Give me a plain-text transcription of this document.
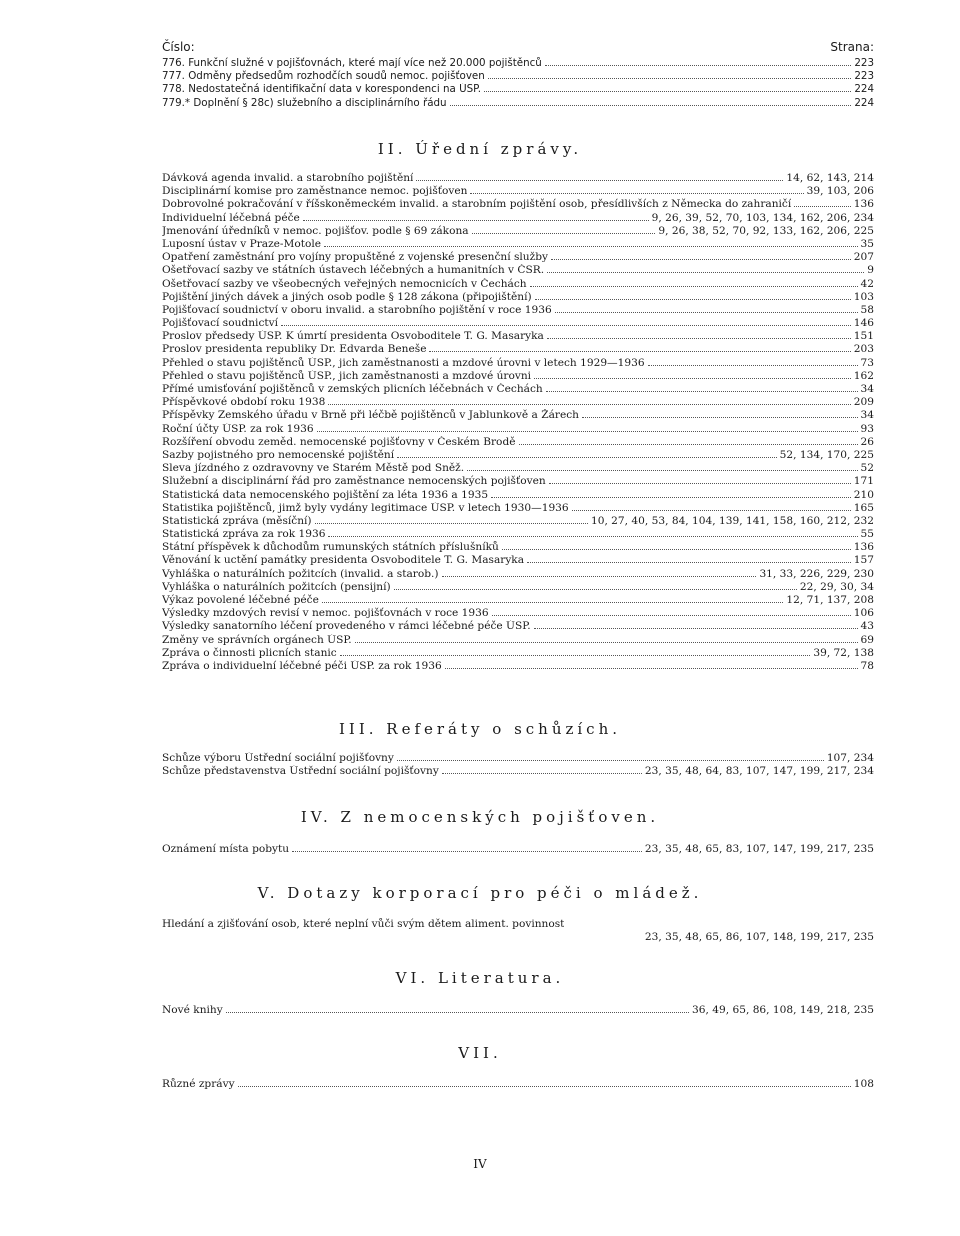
Číslo:	Strana:
776. Funkční služné v pojišťovnách, které mají více než 20.000 pojištěnců	223
777. Odměny předsedům rozhodčích soudů nemoc. pojišťoven	223
778. Nedostatečná identifikační data v korespondenci na ÚSP.	224
779.* Doplnění § 28c) služebního a disciplinárního řádu	224
II. Úřední zprávy.
Dávková agenda invalid. a starobního pojištění	14, 62, 143, 214
Disciplinární komise pro zaměstnance nemoc. pojišťoven	39, 103, 206
Dobrovolné pokračování v říšskoněmeckém invalid. a starobním pojištění osob, přesídlivších z Německa do zahraničí	136
Individuelní léčebná péče	9, 26, 39, 52, 70, 103, 134, 162, 206, 234
Jmenování úředníků v nemoc. pojišťov. podle § 69 zákona	9, 26, 38, 52, 70, 92, 133, 162, 206, 225
Luposní ústav v Praze-Motole	35
Opatření zaměstnání pro vojíny propuštěné z vojenské presenční služby	207
Ošetřovací sazby ve státních ústavech léčebných a humanitních v ČSR.	9
Ošetřovací sazby ve všeobecných veřejných nemocnicích v Čechách	42
Pojištění jiných dávek a jiných osob podle § 128 zákona (připojištění)	103
Pojišťovací soudnictví v oboru invalid. a starobního pojištění v roce 1936	58
Pojišťovací soudnictví	146
Proslov předsedy ÚSP. K úmrtí presidenta Osvoboditele T. G. Masaryka	151
Proslov presidenta republiky Dr. Edvarda Beneše	203
Přehled o stavu pojištěnců ÚSP., jich zaměstnanosti a mzdové úrovni v letech 1929—1936	73
Přehled o stavu pojištěnců ÚSP., jich zaměstnanosti a mzdové úrovni	162
Přímé umisťování pojištěnců v zemských plicních léčebnách v Čechách	34
Příspěvkové období roku 1938	209
Příspěvky Zemského úřadu v Brně při léčbě pojištěnců v Jablunkově a Žárech	34
Roční účty ÚSP. za rok 1936	93
Rozšíření obvodu zeměd. nemocenské pojišťovny v Českém Brodě	26
Sazby pojistného pro nemocenské pojištění	52, 134, 170, 225
Sleva jízdného z ozdravovny ve Starém Městě pod Sněž.	52
Služební a disciplinární řád pro zaměstnance nemocenských pojišťoven	171
Statistická data nemocenského pojištění za léta 1936 a 1935	210
Statistika pojištěnců, jimž byly vydány legitimace ÚSP. v letech 1930—1936	165
Statistická zpráva (měsíční)	10, 27, 40, 53, 84, 104, 139, 141, 158, 160, 212, 232
Statistická zpráva za rok 1936	55
Státní příspěvek k důchodům rumunských státních příslušníků	136
Věnování k uctění památky presidenta Osvoboditele T. G. Masaryka	157
Vyhláška o naturálních požitcích (invalid. a starob.)	31, 33, 226, 229, 230
Vyhláška o naturálních požitcích (pensijní)	22, 29, 30, 34
Výkaz povolené léčebné péče	12, 71, 137, 208
Výsledky mzdových revisí v nemoc. pojišťovnách v roce 1936	106
Výsledky sanatorního léčení provedeného v rámci léčebné péče ÚSP.	43
Změny ve správních orgánech ÚSP.	69
Zpráva o činnosti plicních stanic	39, 72, 138
Zpráva o individuelní léčebné péči ÚSP. za rok 1936	78
III. Referáty o schůzích.
Schůze výboru Ústřední sociální pojišťovny	107, 234
Schůze představenstva Ústřední sociální pojišťovny	23, 35, 48, 64, 83, 107, 147, 199, 217, 234
IV. Z nemocenských pojišťoven.
Oznámení místa pobytu	23, 35, 48, 65, 83, 107, 147, 199, 217, 235
V. Dotazy korporací pro péči o mládež.
Hledání a zjišťování osob, které neplní vůči svým dětem aliment. povinnost
23, 35, 48, 65, 86, 107, 148, 199, 217, 235
VI. Literatura.
Nové knihy	36, 49, 65, 86, 108, 149, 218, 235
VII.
Různé zprávy	108
IV
